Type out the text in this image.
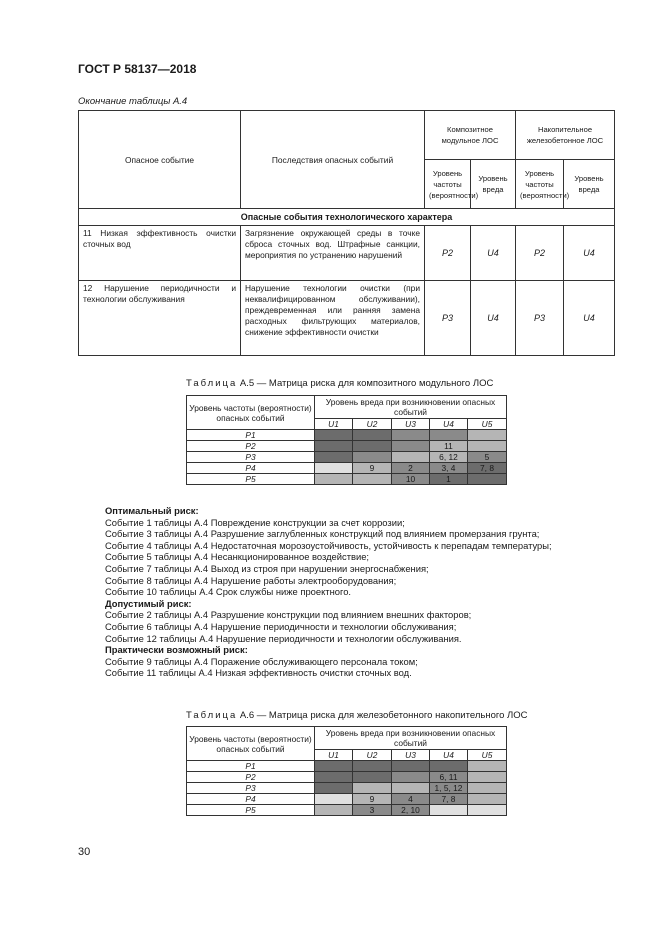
ГОСТ Р 58137—2018
Окончание таблицы А.4
Опасное событие	Последствия опасных событий	Композитное модульное ЛОС		Накопительное железобетонное ЛОС	
		Уровень частоты (вероятности)	Уровень вреда	Уровень частоты (вероятности)	Уровень вреда
Опасные события технологического характера					
11 Низкая эффективность очистки сточных вод	Загрязнение окружающей среды в точке сброса сточных вод. Штрафные санкции, мероприятия по устранению нарушений	P2	U4	P2	U4
12 Нарушение периодичности и технологии обслуживания	Нарушение технологии очистки (при неквалифицированном обслуживании), преждевременная или ранняя замена расходных фильтрующих материалов, снижение эффективности очистки	P3	U4	P3	U4
Таблица А.5 — Матрица риска для композитного модульного ЛОС
Уровень частоты (вероятности) опасных событий	Уровень вреда при возникновении опасных событий				
	U1	U2	U3	U4	U5
P1					
P2				11	
P3				6, 12	5
P4		9	2	3, 4	7, 8
P5			10	1	
Оптимальный риск:
Событие 1 таблицы А.4 Повреждение конструкции за счет коррозии;
Событие 3 таблицы А.4 Разрушение заглубленных конструкций под влиянием промерзания грунта;
Событие 4 таблицы А.4 Недостаточная морозоустойчивость, устойчивость к перепадам температуры;
Событие 5 таблицы А.4 Несанкционированное воздействие;
Событие 7 таблицы А.4 Выход из строя при нарушении энергоснабжения;
Событие 8 таблицы А.4 Нарушение работы электрооборудования;
Событие 10 таблицы А.4 Срок службы ниже проектного.
Допустимый риск:
Событие 2 таблицы А.4 Разрушение конструкции под влиянием внешних факторов;
Событие 6 таблицы А.4 Нарушение периодичности и технологии обслуживания;
Событие 12 таблицы А.4 Нарушение периодичности и технологии обслуживания.
Практически возможный риск:
Событие 9 таблицы А.4 Поражение обслуживающего персонала током;
Событие 11 таблицы А.4 Низкая эффективность очистки сточных вод.
Таблица А.6 — Матрица риска для железобетонного накопительного ЛОС
Уровень частоты (вероятности) опасных событий	Уровень вреда при возникновении опасных событий				
	U1	U2	U3	U4	U5
P1					
P2				6, 11	
P3				1, 5, 12	
P4		9	4	7, 8	
P5		3	2, 10		
30
